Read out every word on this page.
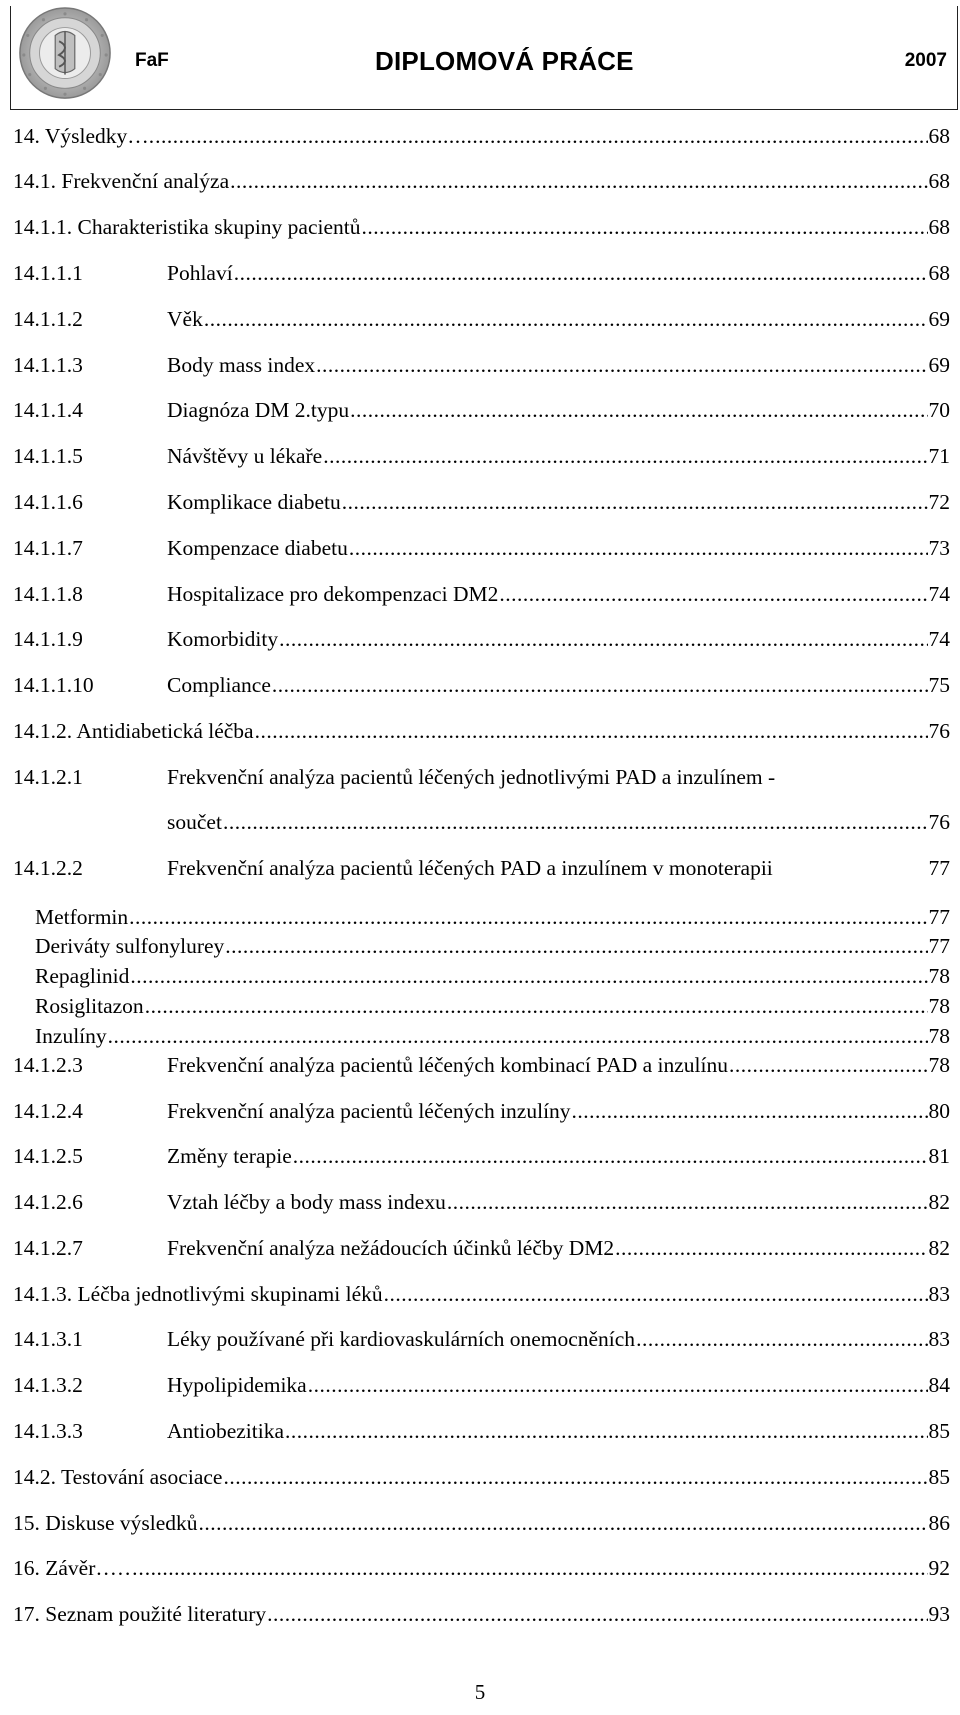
FaF	DIPLOMOVÁ PRÁCE	2007
14. Výsledky…. .....	68
14.1. Frekvenční analýza .....	68
14.1.1. Charakteristika skupiny pacientů .....	68
14.1.1.1	Pohlaví .....	68
14.1.1.2	Věk .....	69
14.1.1.3	Body mass index .....	69
14.1.1.4	Diagnóza DM 2.typu .....	70
14.1.1.5	Návštěvy u lékaře .....	71
14.1.1.6	Komplikace diabetu .....	72
14.1.1.7	Kompenzace diabetu .....	73
14.1.1.8	Hospitalizace pro dekompenzaci DM2 .....	74
14.1.1.9	Komorbidity .....	74
14.1.1.10	Compliance .....	75
14.1.2. Antidiabetická léčba .....	76
14.1.2.1	Frekvenční analýza pacientů léčených jednotlivými PAD a inzulínem -
součet .....	76
14.1.2.2	Frekvenční analýza pacientů léčených PAD a inzulínem v monoterapii	77
Metformin .....	77
Deriváty sulfonylurey .....	77
Repaglinid .....	78
Rosiglitazon .....	78
Inzulíny .....	78
14.1.2.3	Frekvenční analýza pacientů léčených kombinací PAD a inzulínu .....	78
14.1.2.4	Frekvenční analýza pacientů léčených inzulíny .....	80
14.1.2.5	Změny terapie .....	81
14.1.2.6	Vztah léčby a body mass indexu .....	82
14.1.2.7	Frekvenční analýza nežádoucích účinků léčby DM2 .....	82
14.1.3. Léčba jednotlivými skupinami léků .....	83
14.1.3.1	Léky používané při kardiovaskulárních onemocněních .....	83
14.1.3.2	Hypolipidemika .....	84
14.1.3.3	Antiobezitika .....	85
14.2. Testování asociace .....	85
15. Diskuse výsledků .....	86
16. Závěr……. .....	92
17. Seznam použité literatury .....	93
5
